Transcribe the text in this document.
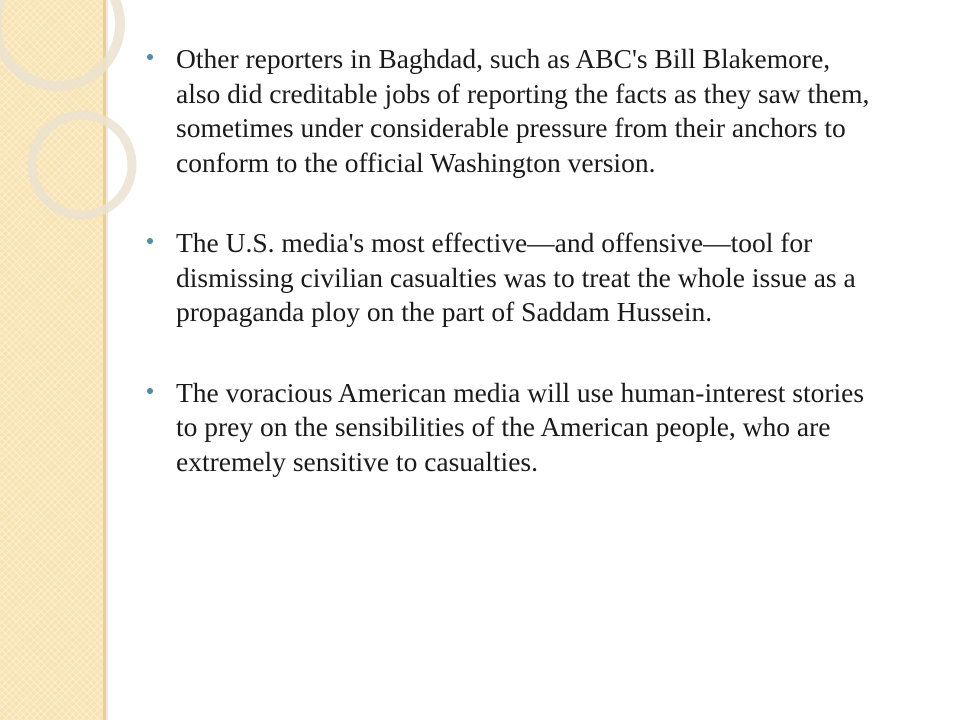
Other reporters in Baghdad, such as ABC's Bill Blakemore, also did creditable jobs of reporting the facts as they saw them, sometimes under considerable pressure from their anchors to conform to the official Washington version.
The U.S. media's most effective—and offensive—tool for dismissing civilian casualties was to treat the whole issue as a propaganda ploy on the part of Saddam Hussein.
The voracious American media will use human-interest stories to prey on the sensibilities of the American people, who are extremely sensitive to casualties.
